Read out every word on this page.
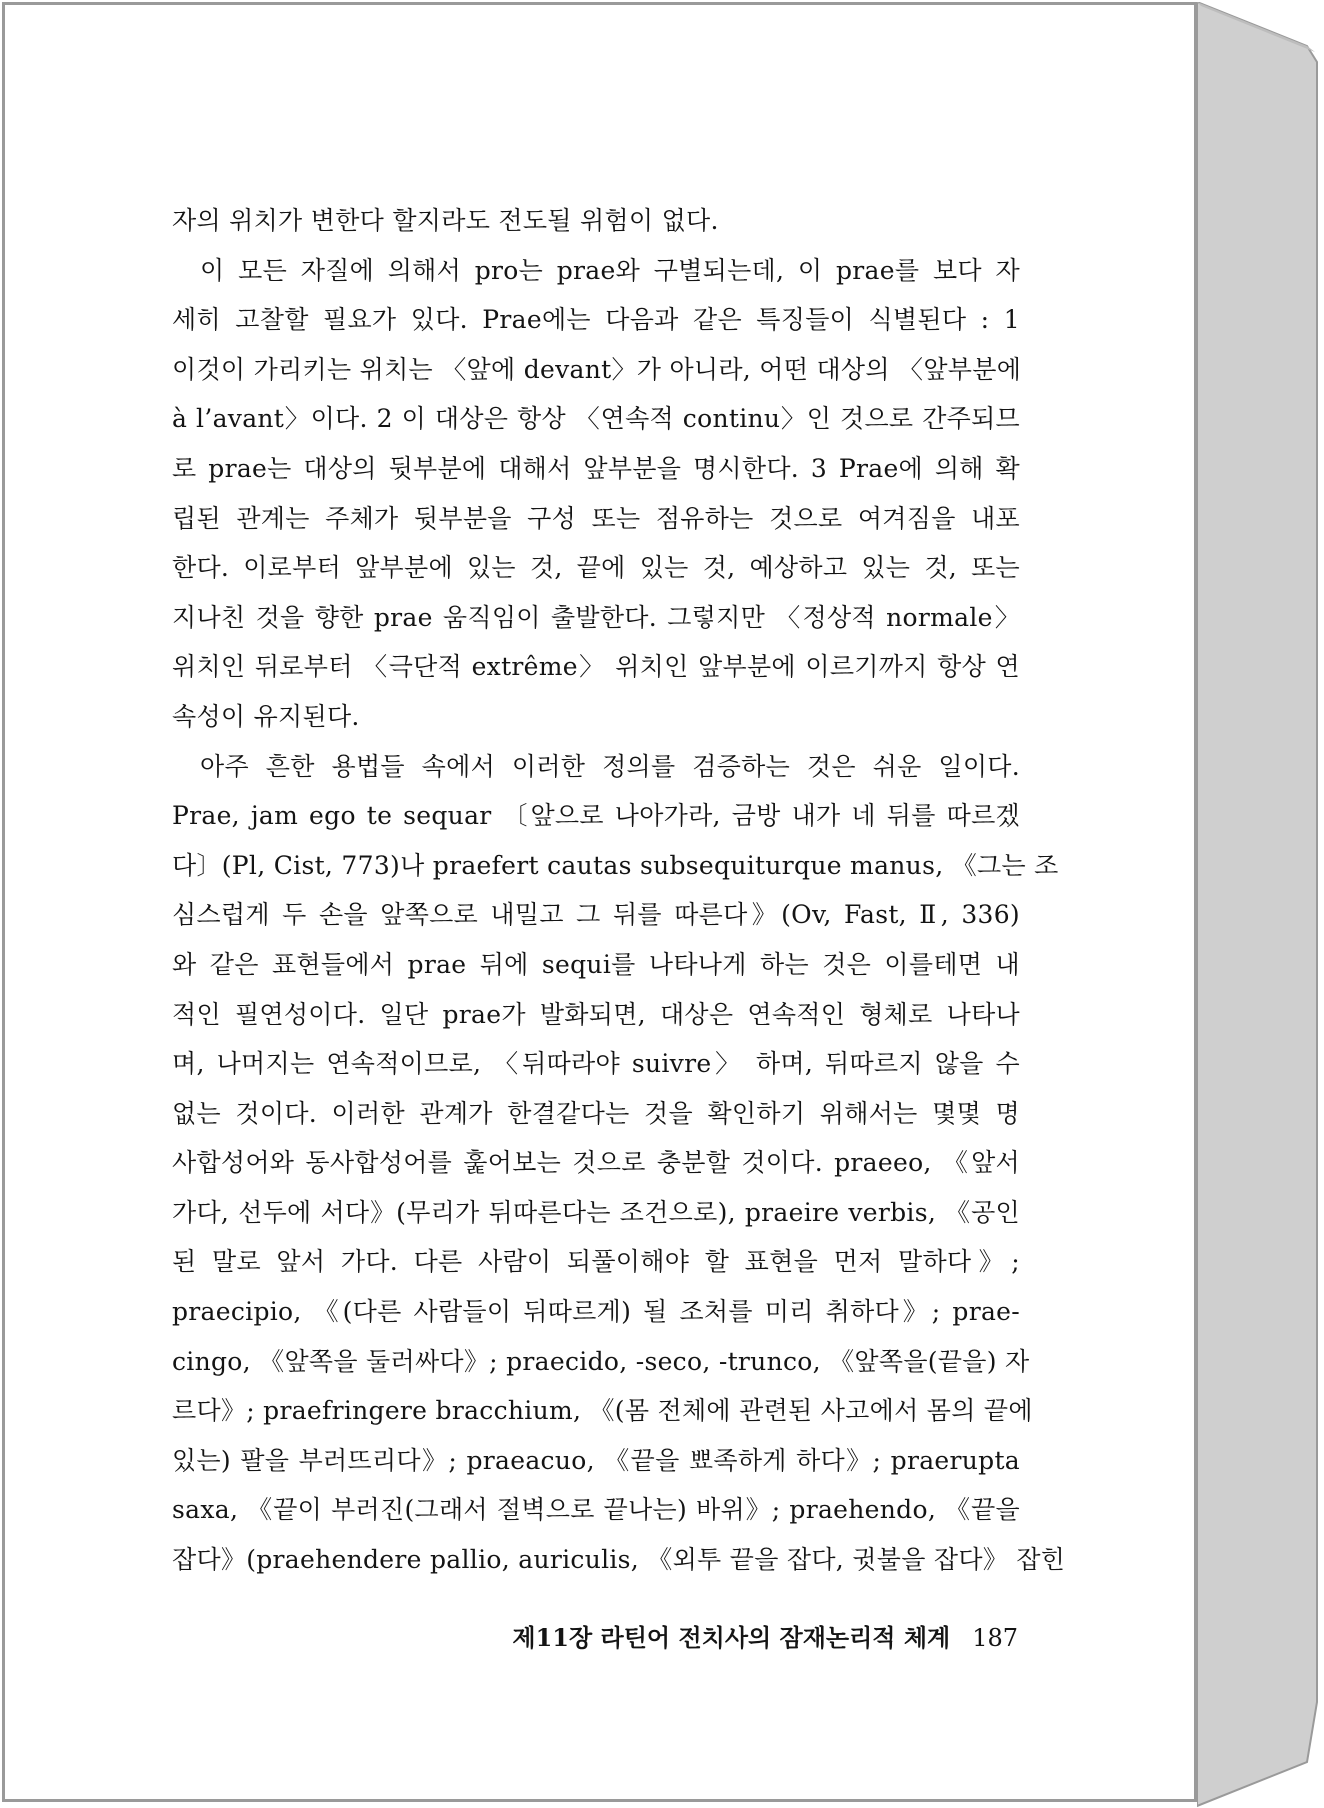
자의 위치가 변한다 할지라도 전도될 위험이 없다.
이 모든 자질에 의해서 pro는 prae와 구별되는데, 이 prae를 보다 자
세히 고찰할 필요가 있다. Prae에는 다음과 같은 특징들이 식별된다 : 1
이것이 가리키는 위치는 〈앞에 devant〉가 아니라, 어떤 대상의 〈앞부분에
à l’avant〉이다. 2 이 대상은 항상 〈연속적 continu〉인 것으로 간주되므
로 prae는 대상의 뒷부분에 대해서 앞부분을 명시한다. 3 Prae에 의해 확
립된 관계는 주체가 뒷부분을 구성 또는 점유하는 것으로 여겨짐을 내포
한다. 이로부터 앞부분에 있는 것, 끝에 있는 것, 예상하고 있는 것, 또는
지나친 것을 향한 prae 움직임이 출발한다. 그렇지만 〈정상적 normale〉
위치인 뒤로부터 〈극단적 extrême〉 위치인 앞부분에 이르기까지 항상 연
속성이 유지된다.
아주 흔한 용법들 속에서 이러한 정의를 검증하는 것은 쉬운 일이다.
Prae, jam ego te sequar 〔앞으로 나아가라, 금방 내가 네 뒤를 따르겠
다〕(Pl, Cist, 773)나 praefert cautas subsequiturque manus, 《그는 조
심스럽게 두 손을 앞쪽으로 내밀고 그 뒤를 따른다》(Ov, Fast, Ⅱ, 336)
와 같은 표현들에서 prae 뒤에 sequi를 나타나게 하는 것은 이를테면 내
적인 필연성이다. 일단 prae가 발화되면, 대상은 연속적인 형체로 나타나
며, 나머지는 연속적이므로, 〈뒤따라야 suivre〉 하며, 뒤따르지 않을 수
없는 것이다. 이러한 관계가 한결같다는 것을 확인하기 위해서는 몇몇 명
사합성어와 동사합성어를 훑어보는 것으로 충분할 것이다. praeeo, 《앞서
가다, 선두에 서다》(무리가 뒤따른다는 조건으로), praeire verbis, 《공인
된 말로 앞서 가다. 다른 사람이 되풀이해야 할 표현을 먼저 말하다》;
praecipio, 《(다른 사람들이 뒤따르게) 될 조처를 미리 취하다》; prae-
cingo, 《앞쪽을 둘러싸다》; praecido, -seco, -trunco, 《앞쪽을(끝을) 자
르다》; praefringere bracchium, 《(몸 전체에 관련된 사고에서 몸의 끝에
있는) 팔을 부러뜨리다》; praeacuo, 《끝을 뾰족하게 하다》; praerupta
saxa, 《끝이 부러진(그래서 절벽으로 끝나는) 바위》; praehendo, 《끝을
잡다》(praehendere pallio, auriculis, 《외투 끝을 잡다, 귓불을 잡다》 잡힌
제11장 라틴어 전치사의 잠재논리적 체계 187
